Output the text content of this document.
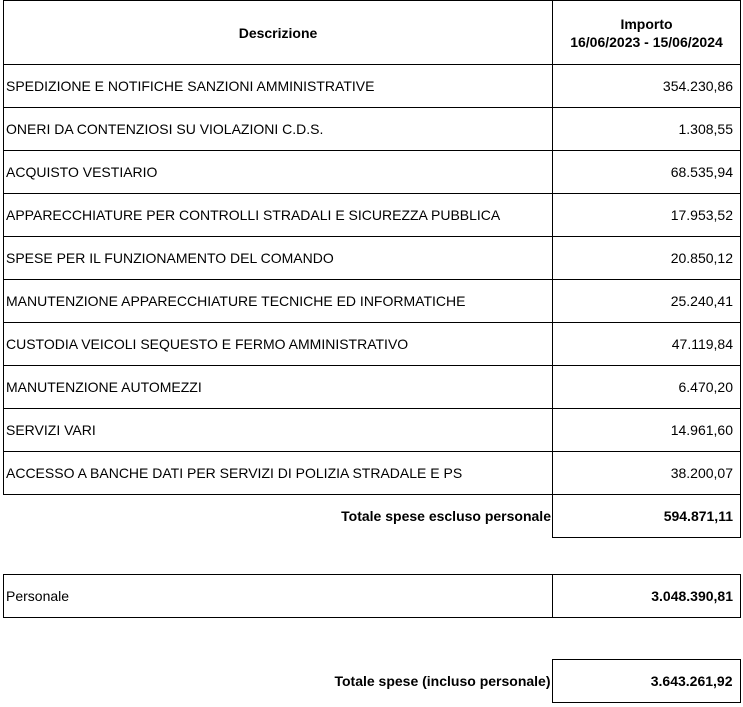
Descrizione	Importo
16/06/2023 - 15/06/2024

SPEDIZIONE E NOTIFICHE SANZIONI AMMINISTRATIVE	354.230,86
ONERI DA CONTENZIOSI SU VIOLAZIONI C.D.S.	1.308,55
ACQUISTO VESTIARIO	68.535,94
APPARECCHIATURE PER CONTROLLI STRADALI E SICUREZZA PUBBLICA	17.953,52
SPESE PER IL FUNZIONAMENTO DEL COMANDO	20.850,12
MANUTENZIONE APPARECCHIATURE TECNICHE ED INFORMATICHE	25.240,41
CUSTODIA VEICOLI SEQUESTO E FERMO AMMINISTRATIVO	47.119,84
MANUTENZIONE AUTOMEZZI	6.470,20
SERVIZI VARI	14.961,60
ACCESSO A BANCHE DATI PER SERVIZI DI POLIZIA STRADALE E PS	38.200,07
Totale spese escluso personale	594.871,11
Personale	3.048.390,81
Totale spese (incluso personale)	3.643.261,92
